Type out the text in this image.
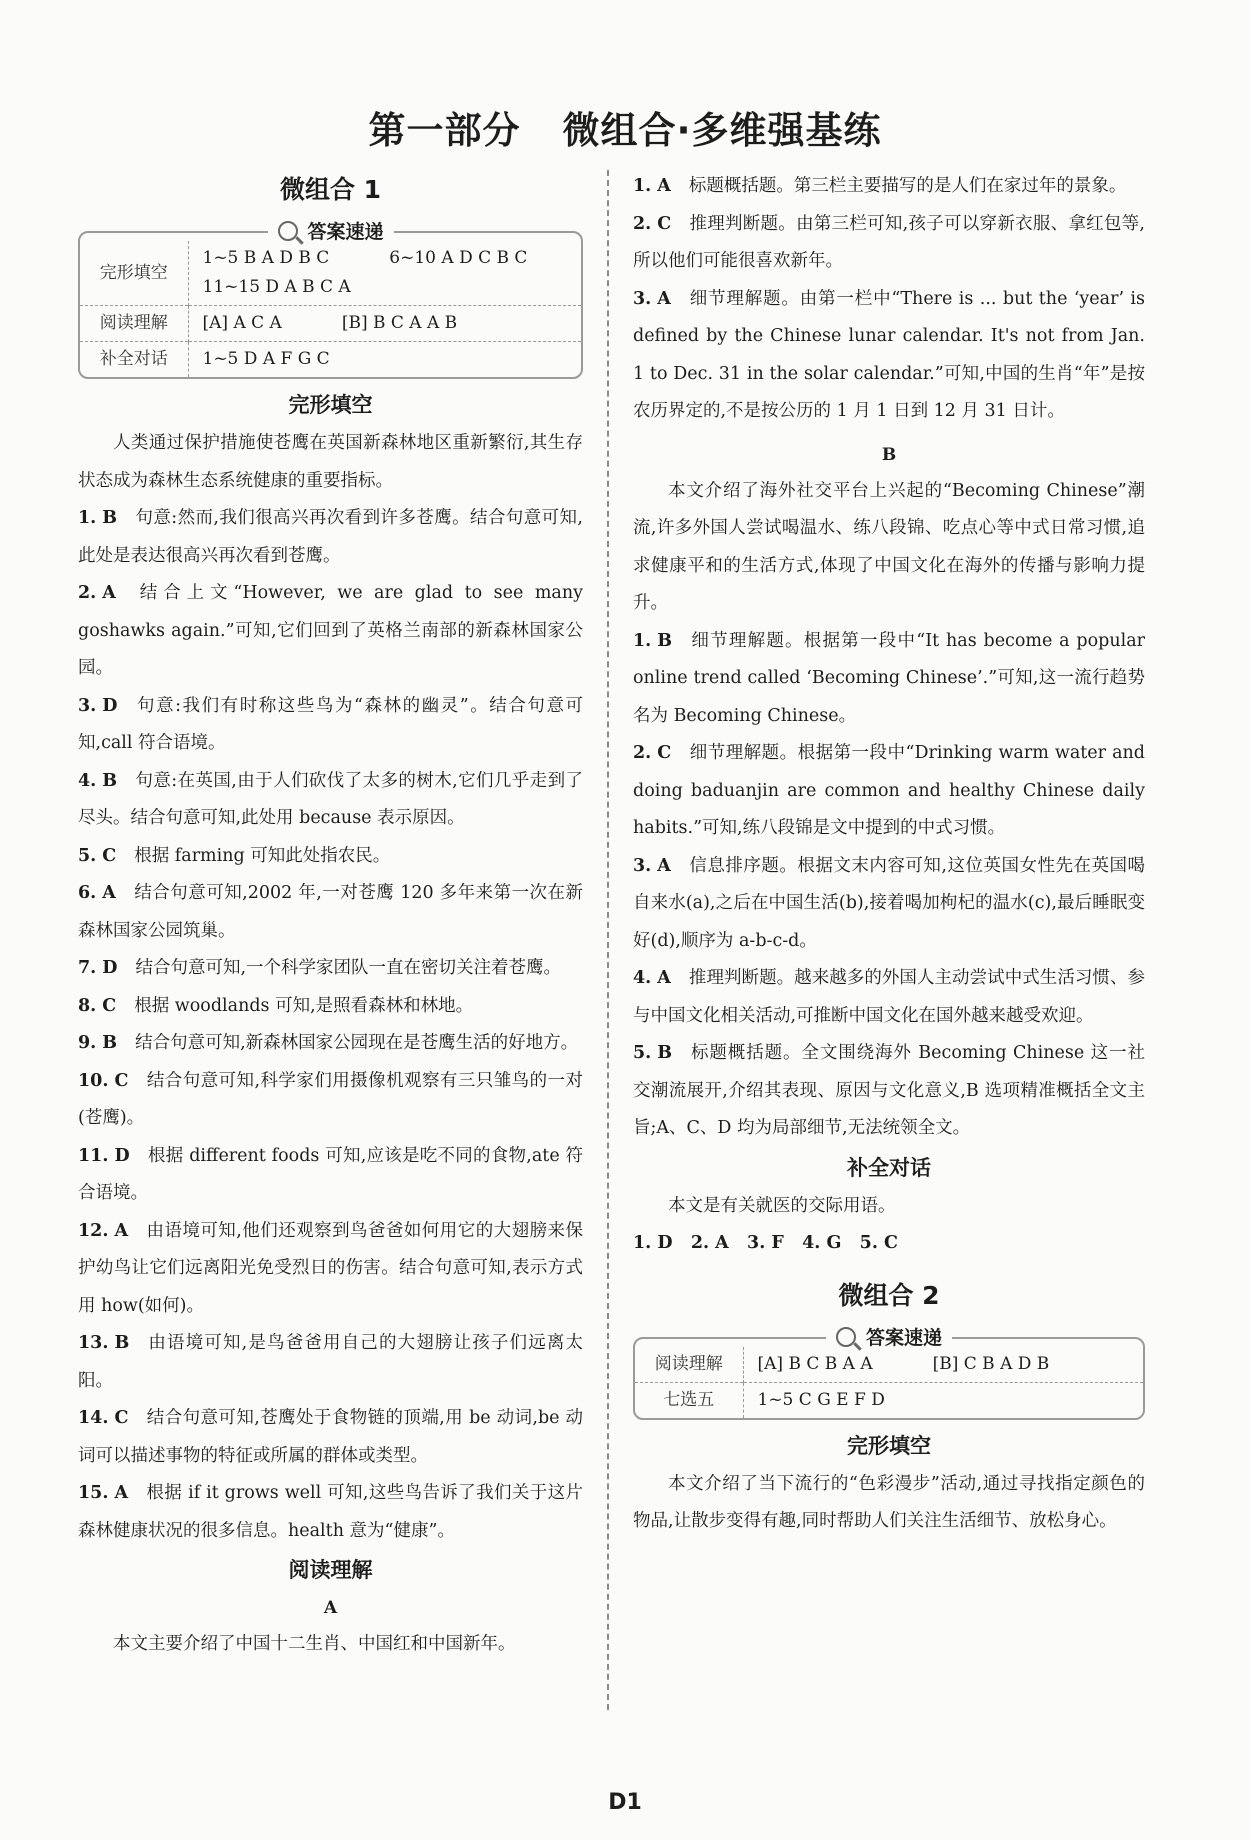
第一部分 微组合·多维强基练
微组合 1
答案速递
完形填空	1~5 B A D B C 6~10 A D C B C
11~15 D A B C A
阅读理解	[A] A C A [B] B C A A B
补全对话	1~5 D A F G C
完形填空
人类通过保护措施使苍鹰在英国新森林地区重新繁衍,其生存状态成为森林生态系统健康的重要指标。
1. B 句意:然而,我们很高兴再次看到许多苍鹰。结合句意可知,此处是表达很高兴再次看到苍鹰。
2. A 结合上文“However, we are glad to see many goshawks again.”可知,它们回到了英格兰南部的新森林国家公园。
3. D 句意:我们有时称这些鸟为“森林的幽灵”。结合句意可知,call 符合语境。
4. B 句意:在英国,由于人们砍伐了太多的树木,它们几乎走到了尽头。结合句意可知,此处用 because 表示原因。
5. C 根据 farming 可知此处指农民。
6. A 结合句意可知,2002 年,一对苍鹰 120 多年来第一次在新森林国家公园筑巢。
7. D 结合句意可知,一个科学家团队一直在密切关注着苍鹰。
8. C 根据 woodlands 可知,是照看森林和林地。
9. B 结合句意可知,新森林国家公园现在是苍鹰生活的好地方。
10. C 结合句意可知,科学家们用摄像机观察有三只雏鸟的一对(苍鹰)。
11. D 根据 different foods 可知,应该是吃不同的食物,ate 符合语境。
12. A 由语境可知,他们还观察到鸟爸爸如何用它的大翅膀来保护幼鸟让它们远离阳光免受烈日的伤害。结合句意可知,表示方式用 how(如何)。
13. B 由语境可知,是鸟爸爸用自己的大翅膀让孩子们远离太阳。
14. C 结合句意可知,苍鹰处于食物链的顶端,用 be 动词,be 动词可以描述事物的特征或所属的群体或类型。
15. A 根据 if it grows well 可知,这些鸟告诉了我们关于这片森林健康状况的很多信息。health 意为“健康”。
阅读理解
A
本文主要介绍了中国十二生肖、中国红和中国新年。
1. A 标题概括题。第三栏主要描写的是人们在家过年的景象。
2. C 推理判断题。由第三栏可知,孩子可以穿新衣服、拿红包等,所以他们可能很喜欢新年。
3. A 细节理解题。由第一栏中“There is ... but the ‘year’ is defined by the Chinese lunar calendar. It's not from Jan. 1 to Dec. 31 in the solar calendar.”可知,中国的生肖“年”是按农历界定的,不是按公历的 1 月 1 日到 12 月 31 日计。
B
本文介绍了海外社交平台上兴起的“Becoming Chinese”潮流,许多外国人尝试喝温水、练八段锦、吃点心等中式日常习惯,追求健康平和的生活方式,体现了中国文化在海外的传播与影响力提升。
1. B 细节理解题。根据第一段中“It has become a popular online trend called ‘Becoming Chinese’.”可知,这一流行趋势名为 Becoming Chinese。
2. C 细节理解题。根据第一段中“Drinking warm water and doing baduanjin are common and healthy Chinese daily habits.”可知,练八段锦是文中提到的中式习惯。
3. A 信息排序题。根据文末内容可知,这位英国女性先在英国喝自来水(a),之后在中国生活(b),接着喝加枸杞的温水(c),最后睡眠变好(d),顺序为 a-b-c-d。
4. A 推理判断题。越来越多的外国人主动尝试中式生活习惯、参与中国文化相关活动,可推断中国文化在国外越来越受欢迎。
5. B 标题概括题。全文围绕海外 Becoming Chinese 这一社交潮流展开,介绍其表现、原因与文化意义,B 选项精准概括全文主旨;A、C、D 均为局部细节,无法统领全文。
补全对话
本文是有关就医的交际用语。
1. D   2. A   3. F   4. G   5. C
微组合 2
答案速递
阅读理解	[A] B C B A A [B] C B A D B
七选五	1~5 C G E F D
完形填空
本文介绍了当下流行的“色彩漫步”活动,通过寻找指定颜色的物品,让散步变得有趣,同时帮助人们关注生活细节、放松身心。
D1
